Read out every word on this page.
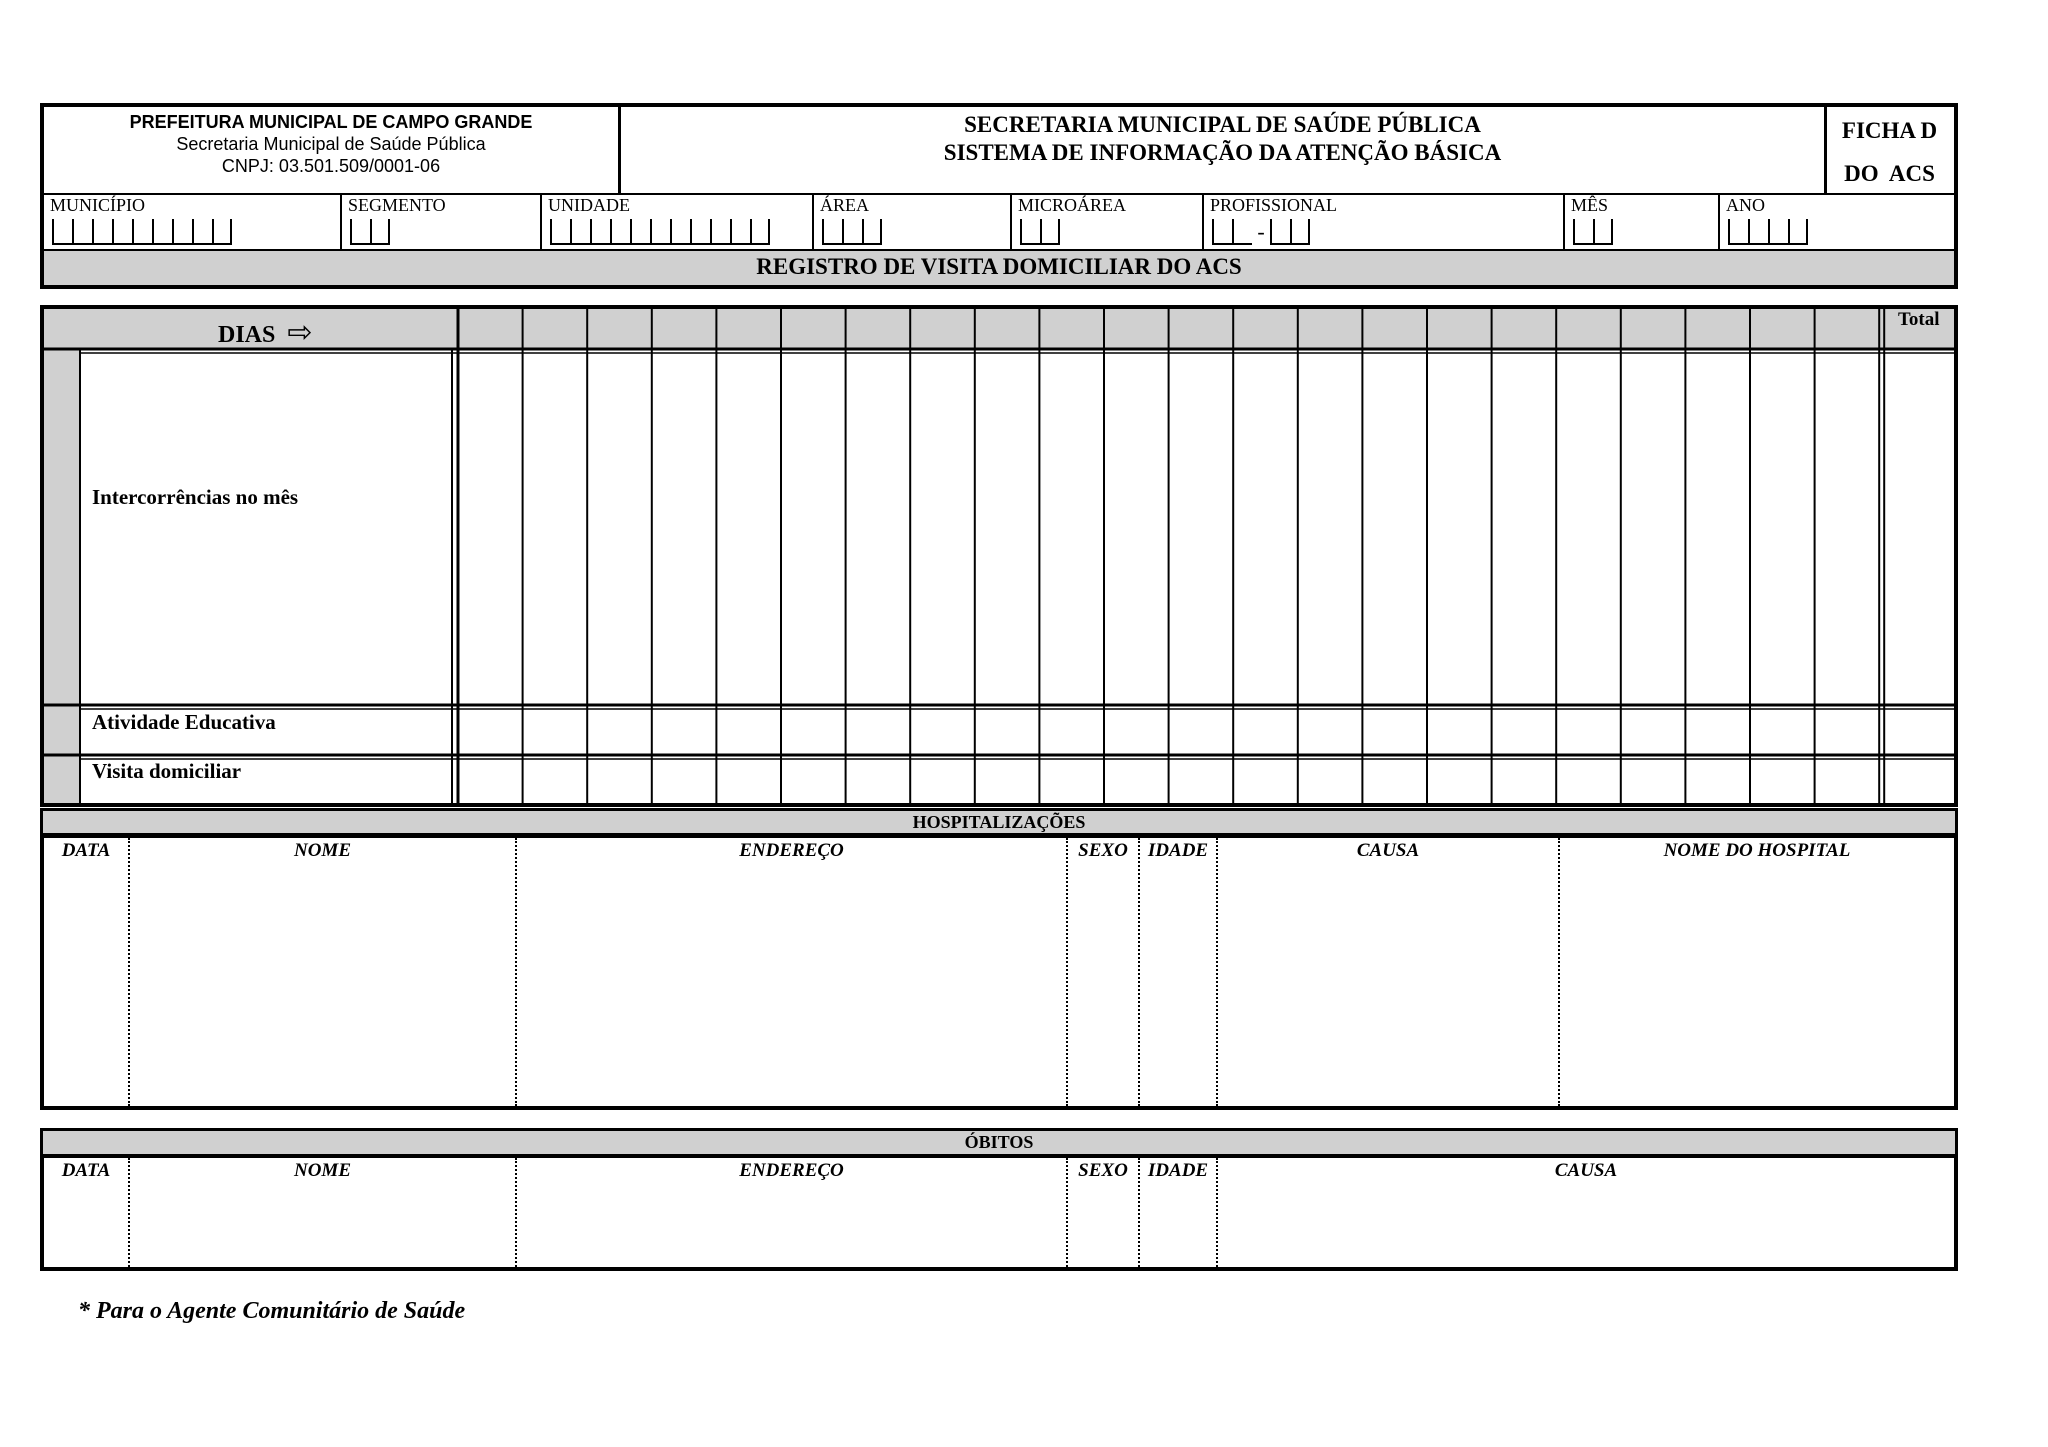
PREFEITURA MUNICIPAL DE CAMPO GRANDE
Secretaria Municipal de Saúde Pública
CNPJ: 03.501.509/0001-06
SECRETARIA MUNICIPAL DE SAÚDE PÚBLICA
SISTEMA DE INFORMAÇÃO DA ATENÇÃO BÁSICA
FICHA D
DO  ACS
MUNICÍPIO	SEGMENTO	UNIDADE	ÁREA	MICROÁREA	PROFISSIONAL
-
MÊS	ANO
REGISTRO DE VISITA DOMICILIAR DO ACS
DIAS ⇨	Total
Intercorrências no mês
Atividade Educativa
Visita domiciliar
HOSPITALIZAÇÕES
DATA	NOME	ENDEREÇO	SEXO	IDADE	CAUSA	NOME DO HOSPITAL
ÓBITOS
DATA	NOME	ENDEREÇO	SEXO	IDADE	CAUSA
* Para o Agente Comunitário de Saúde
